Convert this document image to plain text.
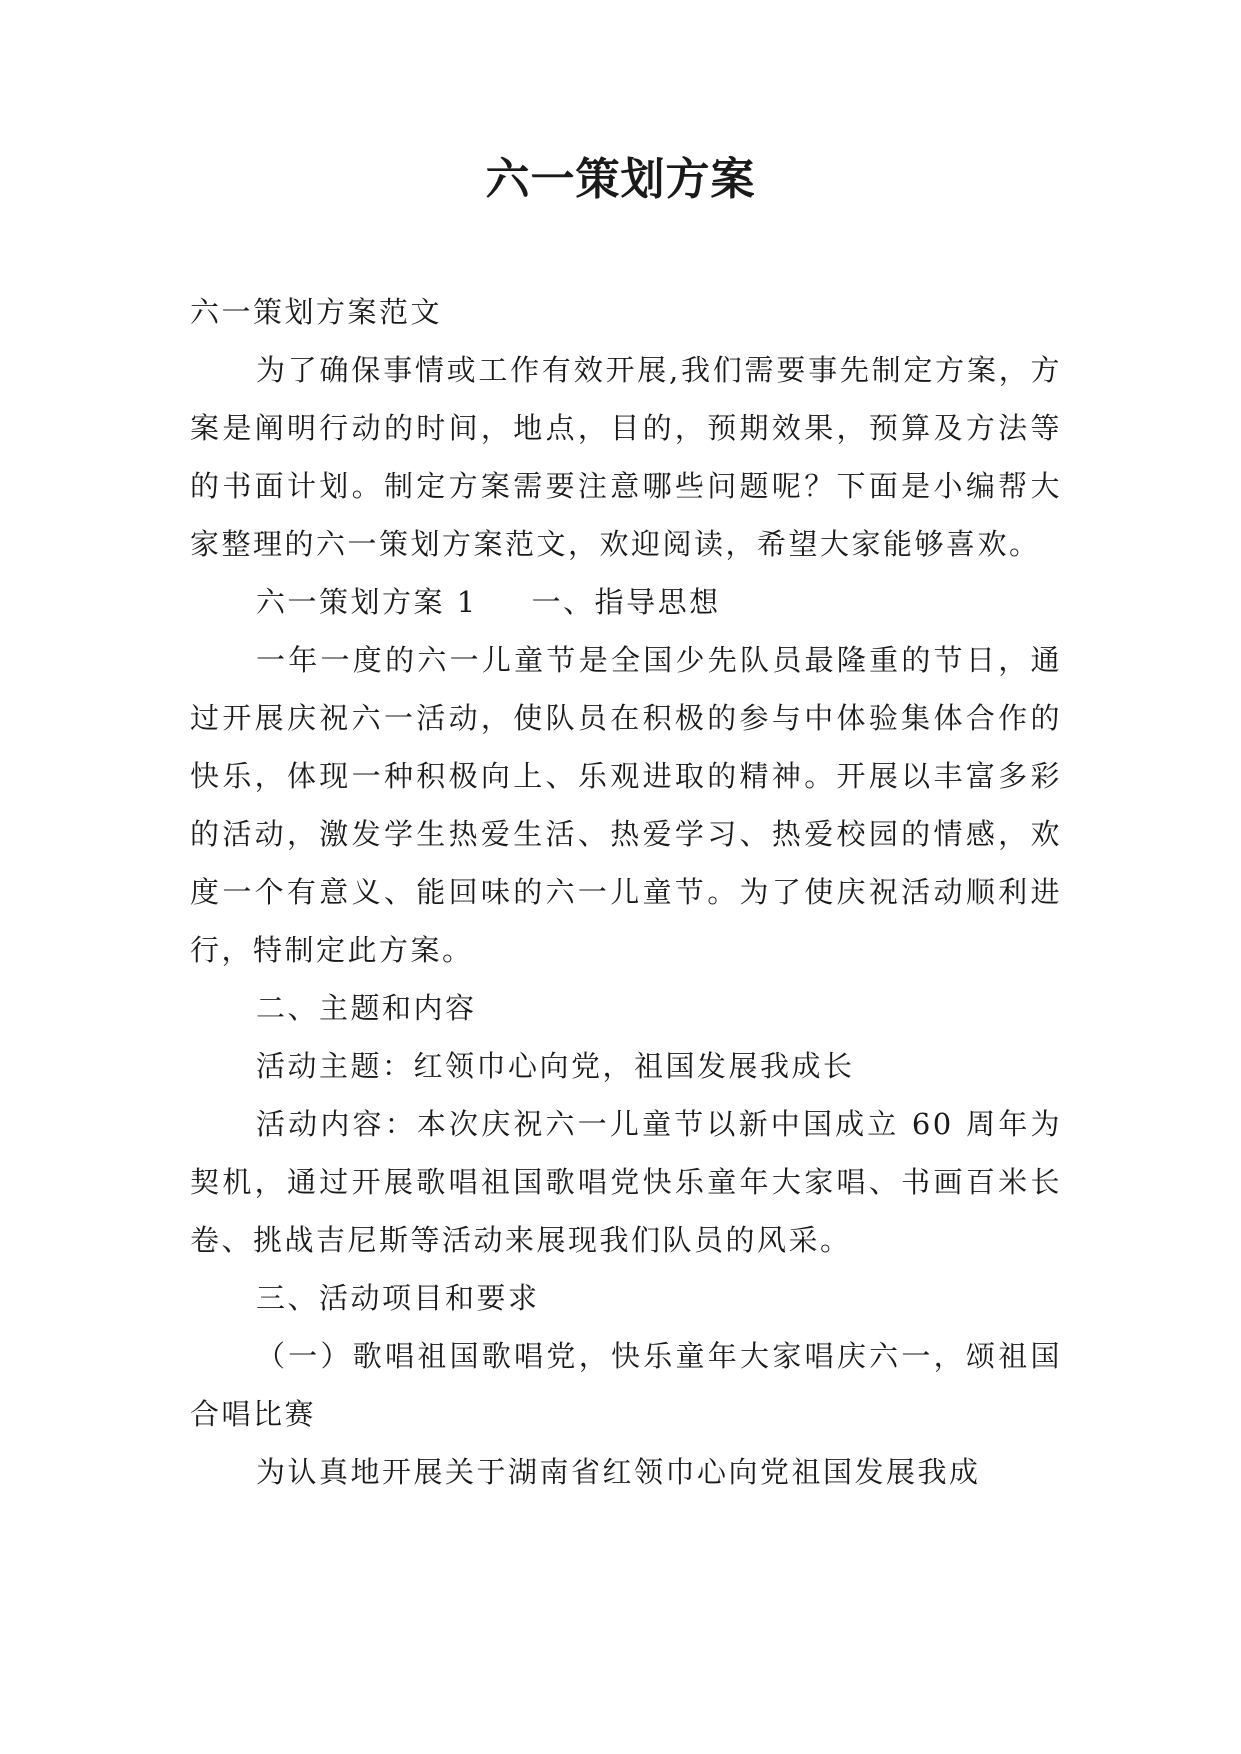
六一策划方案

六一策划方案范文

为了确保事情或工作有效开展,我们需要事先制定方案，方案是阐明行动的时间，地点，目的，预期效果，预算及方法等的书面计划。制定方案需要注意哪些问题呢？下面是小编帮大家整理的六一策划方案范文，欢迎阅读，希望大家能够喜欢。

六一策划方案 1 一、指导思想

一年一度的六一儿童节是全国少先队员最隆重的节日，通过开展庆祝六一活动，使队员在积极的参与中体验集体合作的快乐，体现一种积极向上、乐观进取的精神。开展以丰富多彩的活动，激发学生热爱生活、热爱学习、热爱校园的情感，欢度一个有意义、能回味的六一儿童节。为了使庆祝活动顺利进行，特制定此方案。

二、主题和内容

活动主题：红领巾心向党，祖国发展我成长

活动内容：本次庆祝六一儿童节以新中国成立 60 周年为契机，通过开展歌唱祖国歌唱党快乐童年大家唱、书画百米长卷、挑战吉尼斯等活动来展现我们队员的风采。

三、活动项目和要求

（一）歌唱祖国歌唱党，快乐童年大家唱庆六一，颂祖国合唱比赛

为认真地开展关于湖南省红领巾心向党祖国发展我成
